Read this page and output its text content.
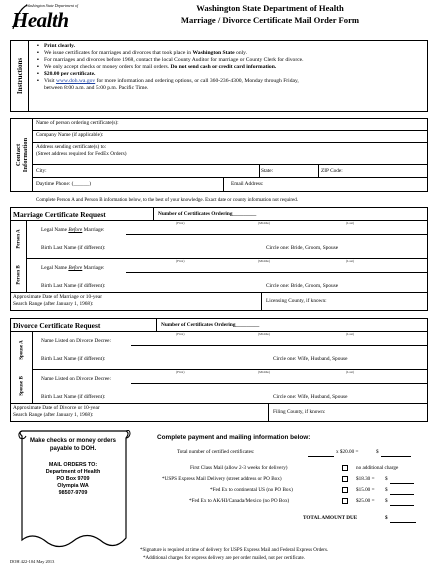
Washington State Department of
Health	Washington State Department of Health
Marriage / Divorce Certificate Mail Order Form
Instructions
▪ Print clearly.
▪ We issue certificates for marriages and divorces that took place in Washington State only.
▪ For marriages and divorces before 1968, contact the local County Auditor for marriage or County Clerk for divorce.
▪ We only accept checks or money orders for mail orders. Do not send cash or credit card information.
▪ $20.00 per certificate.
▪ Visit www.doh.wa.gov for more information and ordering options, or call 360-236-4300, Monday through Friday,
between 8:00 a.m. and 5:00 p.m. Pacific Time.
Contact
Information
Name of person ordering certificate(s):
Company Name (if applicable):
Address sending certificate(s) to:
(Street address required for FedEx Orders)
City:	State:	ZIP Code:
Daytime Phone: (______)	Email Address:
Complete Person A and Person B information below, to the best of your knowledge. Exact date or county information not required.
Marriage Certificate Request	Number of Certificates Ordering_________
Person A
(First)	(Middle)	(Last)
Legal Name Before Marriage:
Birth Last Name (if different):	Circle one: Bride, Groom, Spouse
Person B
(First)	(Middle)	(Last)
Legal Name Before Marriage:
Birth Last Name (if different):	Circle one: Bride, Groom, Spouse
Approximate Date of Marriage or 10-year
Search Range (after January 1, 1968):	Licensing County, if known:
Divorce Certificate Request	Number of Certificates Ordering_________
Spouse A
(First)	(Middle)	(Last)
Name Listed on Divorce Decree:
Birth Last Name (if different):	Circle one: Wife, Husband, Spouse
Spouse B
(First)	(Middle)	(Last)
Name Listed on Divorce Decree:
Birth Last Name (if different):	Circle one: Wife, Husband, Spouse
Approximate Date of Divorce or 10-year
Search Range (after January 1, 1968):	Filing County, if known:
Complete payment and mailing information below:
Total number of certified certificates:	x $20.00 =	$
First Class Mail (allow 2-3 weeks for delivery)	no additional charge
*USPS Express Mail Delivery (street address or PO Box)	$18.30 = $
*Fed Ex to continental US (no PO Box)	$15.00 = $
*Fed Ex to AK/HI/Canada/Mexico (no PO Box)	$25.00 = $
TOTAL AMOUNT DUE	$
Make checks or money orders
payable to DOH.
MAIL ORDERS TO:
Department of Health
PO Box 9709
Olympia WA
98507-9709
DOH 422-104 May 2013
*Signature is required at time of delivery for USPS Express Mail and Federal Express Orders.
*Additional charges for express delivery are per order mailed, not per certificate.
